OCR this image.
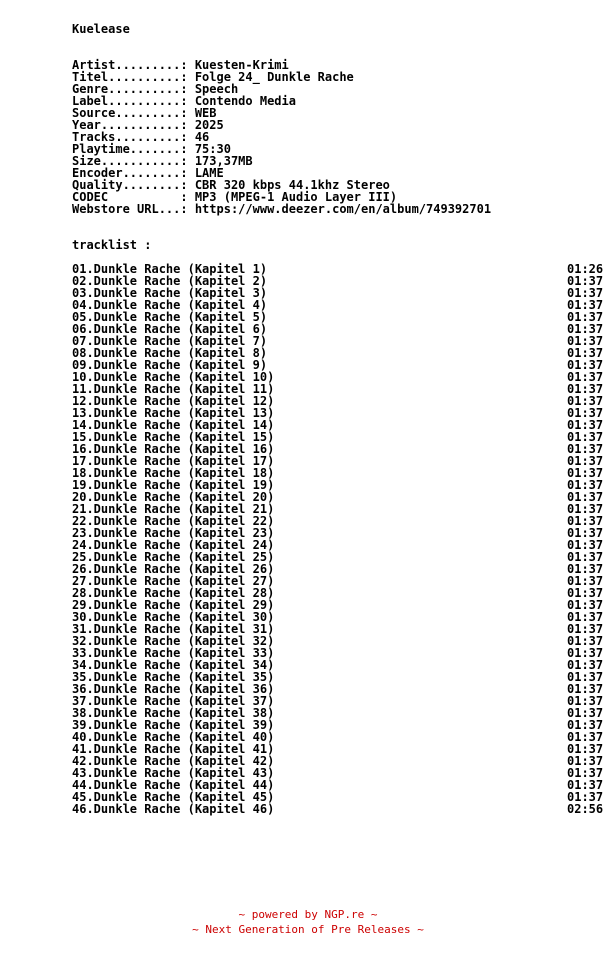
Kuelease
Artist.........: Kuesten-Krimi
Titel..........: Folge 24_ Dunkle Rache
Genre..........: Speech
Label..........: Contendo Media
Source.........: WEB
Year...........: 2025
Tracks.........: 46
Playtime.......: 75:30
Size...........: 173,37MB
Encoder........: LAME
Quality........: CBR 320 kbps 44.1khz Stereo
CODEC          : MP3 (MPEG-1 Audio Layer III)
Webstore URL...: https://www.deezer.com/en/album/749392701
tracklist :
01.Dunkle Rache (Kapitel 1)	01:26
02.Dunkle Rache (Kapitel 2)	01:37
03.Dunkle Rache (Kapitel 3)	01:37
04.Dunkle Rache (Kapitel 4)	01:37
05.Dunkle Rache (Kapitel 5)	01:37
06.Dunkle Rache (Kapitel 6)	01:37
07.Dunkle Rache (Kapitel 7)	01:37
08.Dunkle Rache (Kapitel 8)	01:37
09.Dunkle Rache (Kapitel 9)	01:37
10.Dunkle Rache (Kapitel 10)	01:37
11.Dunkle Rache (Kapitel 11)	01:37
12.Dunkle Rache (Kapitel 12)	01:37
13.Dunkle Rache (Kapitel 13)	01:37
14.Dunkle Rache (Kapitel 14)	01:37
15.Dunkle Rache (Kapitel 15)	01:37
16.Dunkle Rache (Kapitel 16)	01:37
17.Dunkle Rache (Kapitel 17)	01:37
18.Dunkle Rache (Kapitel 18)	01:37
19.Dunkle Rache (Kapitel 19)	01:37
20.Dunkle Rache (Kapitel 20)	01:37
21.Dunkle Rache (Kapitel 21)	01:37
22.Dunkle Rache (Kapitel 22)	01:37
23.Dunkle Rache (Kapitel 23)	01:37
24.Dunkle Rache (Kapitel 24)	01:37
25.Dunkle Rache (Kapitel 25)	01:37
26.Dunkle Rache (Kapitel 26)	01:37
27.Dunkle Rache (Kapitel 27)	01:37
28.Dunkle Rache (Kapitel 28)	01:37
29.Dunkle Rache (Kapitel 29)	01:37
30.Dunkle Rache (Kapitel 30)	01:37
31.Dunkle Rache (Kapitel 31)	01:37
32.Dunkle Rache (Kapitel 32)	01:37
33.Dunkle Rache (Kapitel 33)	01:37
34.Dunkle Rache (Kapitel 34)	01:37
35.Dunkle Rache (Kapitel 35)	01:37
36.Dunkle Rache (Kapitel 36)	01:37
37.Dunkle Rache (Kapitel 37)	01:37
38.Dunkle Rache (Kapitel 38)	01:37
39.Dunkle Rache (Kapitel 39)	01:37
40.Dunkle Rache (Kapitel 40)	01:37
41.Dunkle Rache (Kapitel 41)	01:37
42.Dunkle Rache (Kapitel 42)	01:37
43.Dunkle Rache (Kapitel 43)	01:37
44.Dunkle Rache (Kapitel 44)	01:37
45.Dunkle Rache (Kapitel 45)	01:37
46.Dunkle Rache (Kapitel 46)	02:56
~ powered by NGP.re ~
~ Next Generation of Pre Releases ~
